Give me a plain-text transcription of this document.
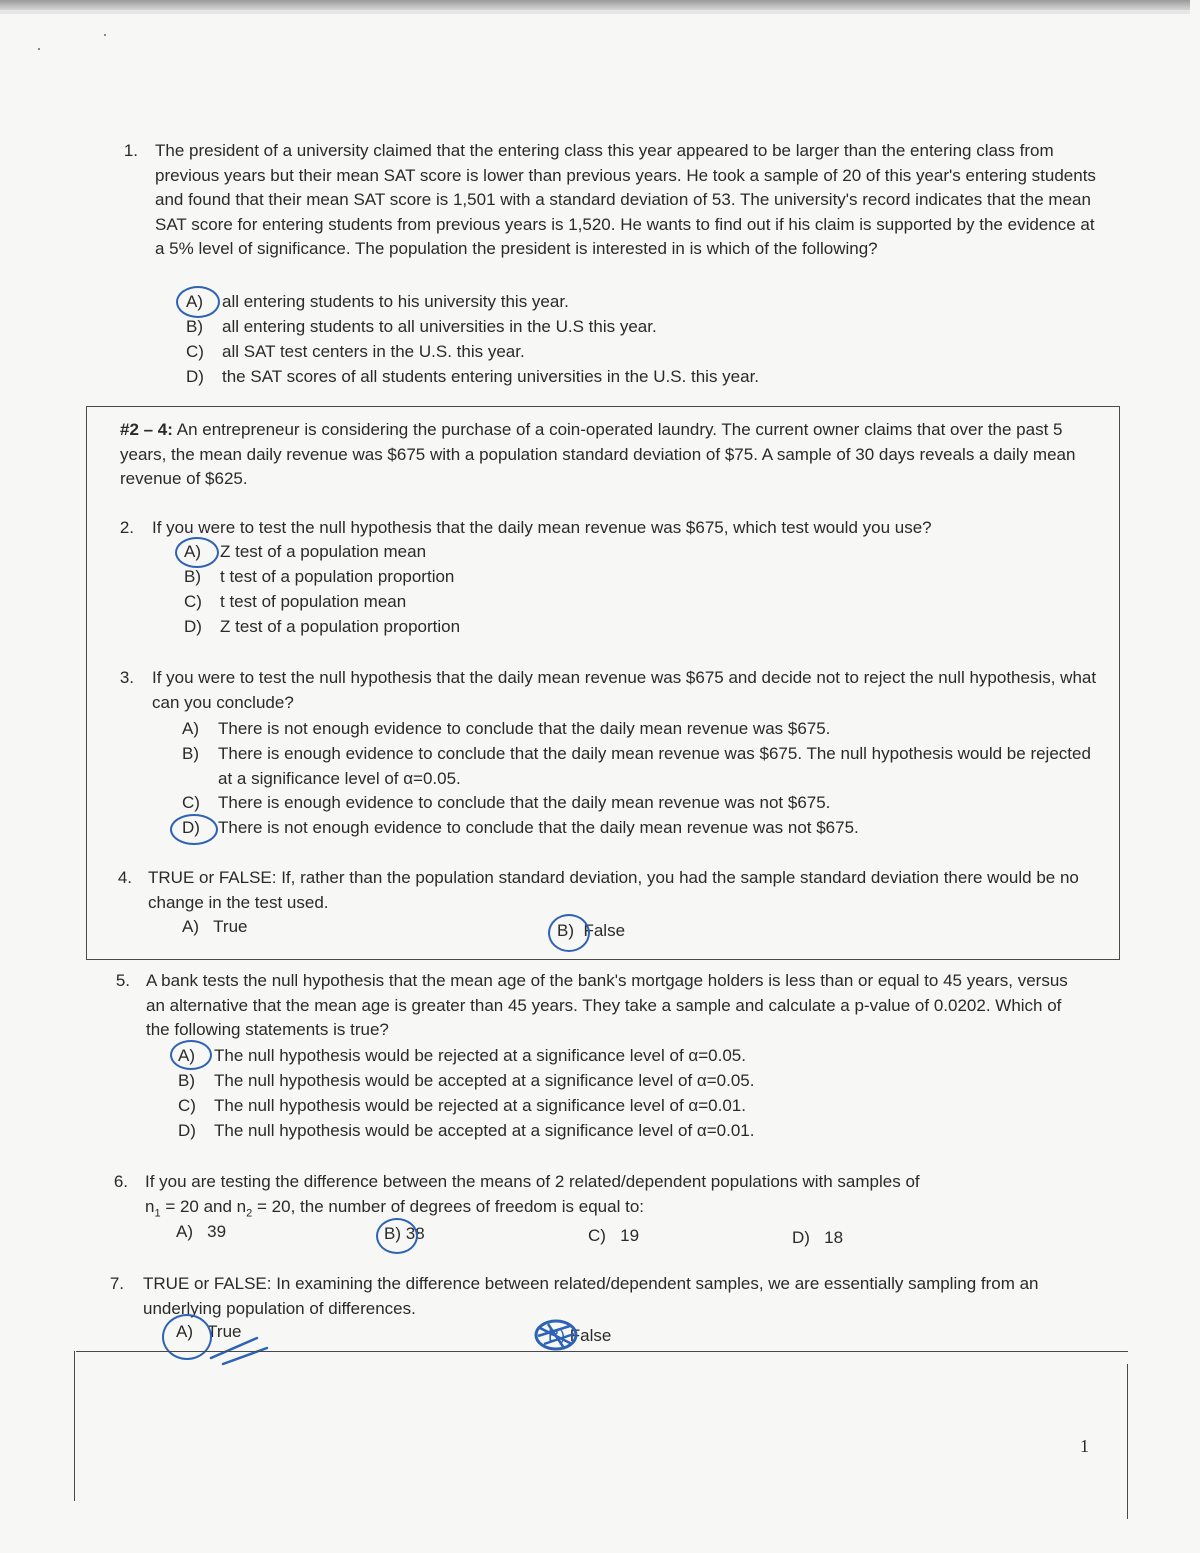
1. The president of a university claimed that the entering class this year appeared to be larger than the entering class from previous years but their mean SAT score is lower than previous years. He took a sample of 20 of this year's entering students and found that their mean SAT score is 1,501 with a standard deviation of 53. The university's record indicates that the mean SAT score for entering students from previous years is 1,520. He wants to find out if his claim is supported by the evidence at a 5% level of significance. The population the president is interested in is which of the following?
A)	all entering students to his university this year.
B)	all entering students to all universities in the U.S this year.
C)	all SAT test centers in the U.S. this year.
D)	the SAT scores of all students entering universities in the U.S. this year.
#2 – 4: An entrepreneur is considering the purchase of a coin-operated laundry. The current owner claims that over the past 5 years, the mean daily revenue was $675 with a population standard deviation of $75. A sample of 30 days reveals a daily mean revenue of $625.
2. If you were to test the null hypothesis that the daily mean revenue was $675, which test would you use?
A)	Z test of a population mean
B)	t test of a population proportion
C)	t test of population mean
D)	Z test of a population proportion
3. If you were to test the null hypothesis that the daily mean revenue was $675 and decide not to reject the null hypothesis, what can you conclude?
A)	There is not enough evidence to conclude that the daily mean revenue was $675.
B)	There is enough evidence to conclude that the daily mean revenue was $675. The null hypothesis would be rejected at a significance level of α=0.05.
C)	There is enough evidence to conclude that the daily mean revenue was not $675.
D)	There is not enough evidence to conclude that the daily mean revenue was not $675.
4. TRUE or FALSE: If, rather than the population standard deviation, you had the sample standard deviation there would be no change in the test used.
A) True	B) False
5. A bank tests the null hypothesis that the mean age of the bank's mortgage holders is less than or equal to 45 years, versus an alternative that the mean age is greater than 45 years. They take a sample and calculate a p-value of 0.0202. Which of the following statements is true?
A)	The null hypothesis would be rejected at a significance level of α=0.05.
B)	The null hypothesis would be accepted at a significance level of α=0.05.
C)	The null hypothesis would be rejected at a significance level of α=0.01.
D)	The null hypothesis would be accepted at a significance level of α=0.01.
6. If you are testing the difference between the means of 2 related/dependent populations with samples of
$n_1 = 20$ and $n_2 = 20$, the number of degrees of freedom is equal to:
A) 39	B) 38	C) 19	D) 18
7. TRUE or FALSE: In examining the difference between related/dependent samples, we are essentially sampling from an underlying population of differences.
A) True	B) False
1
